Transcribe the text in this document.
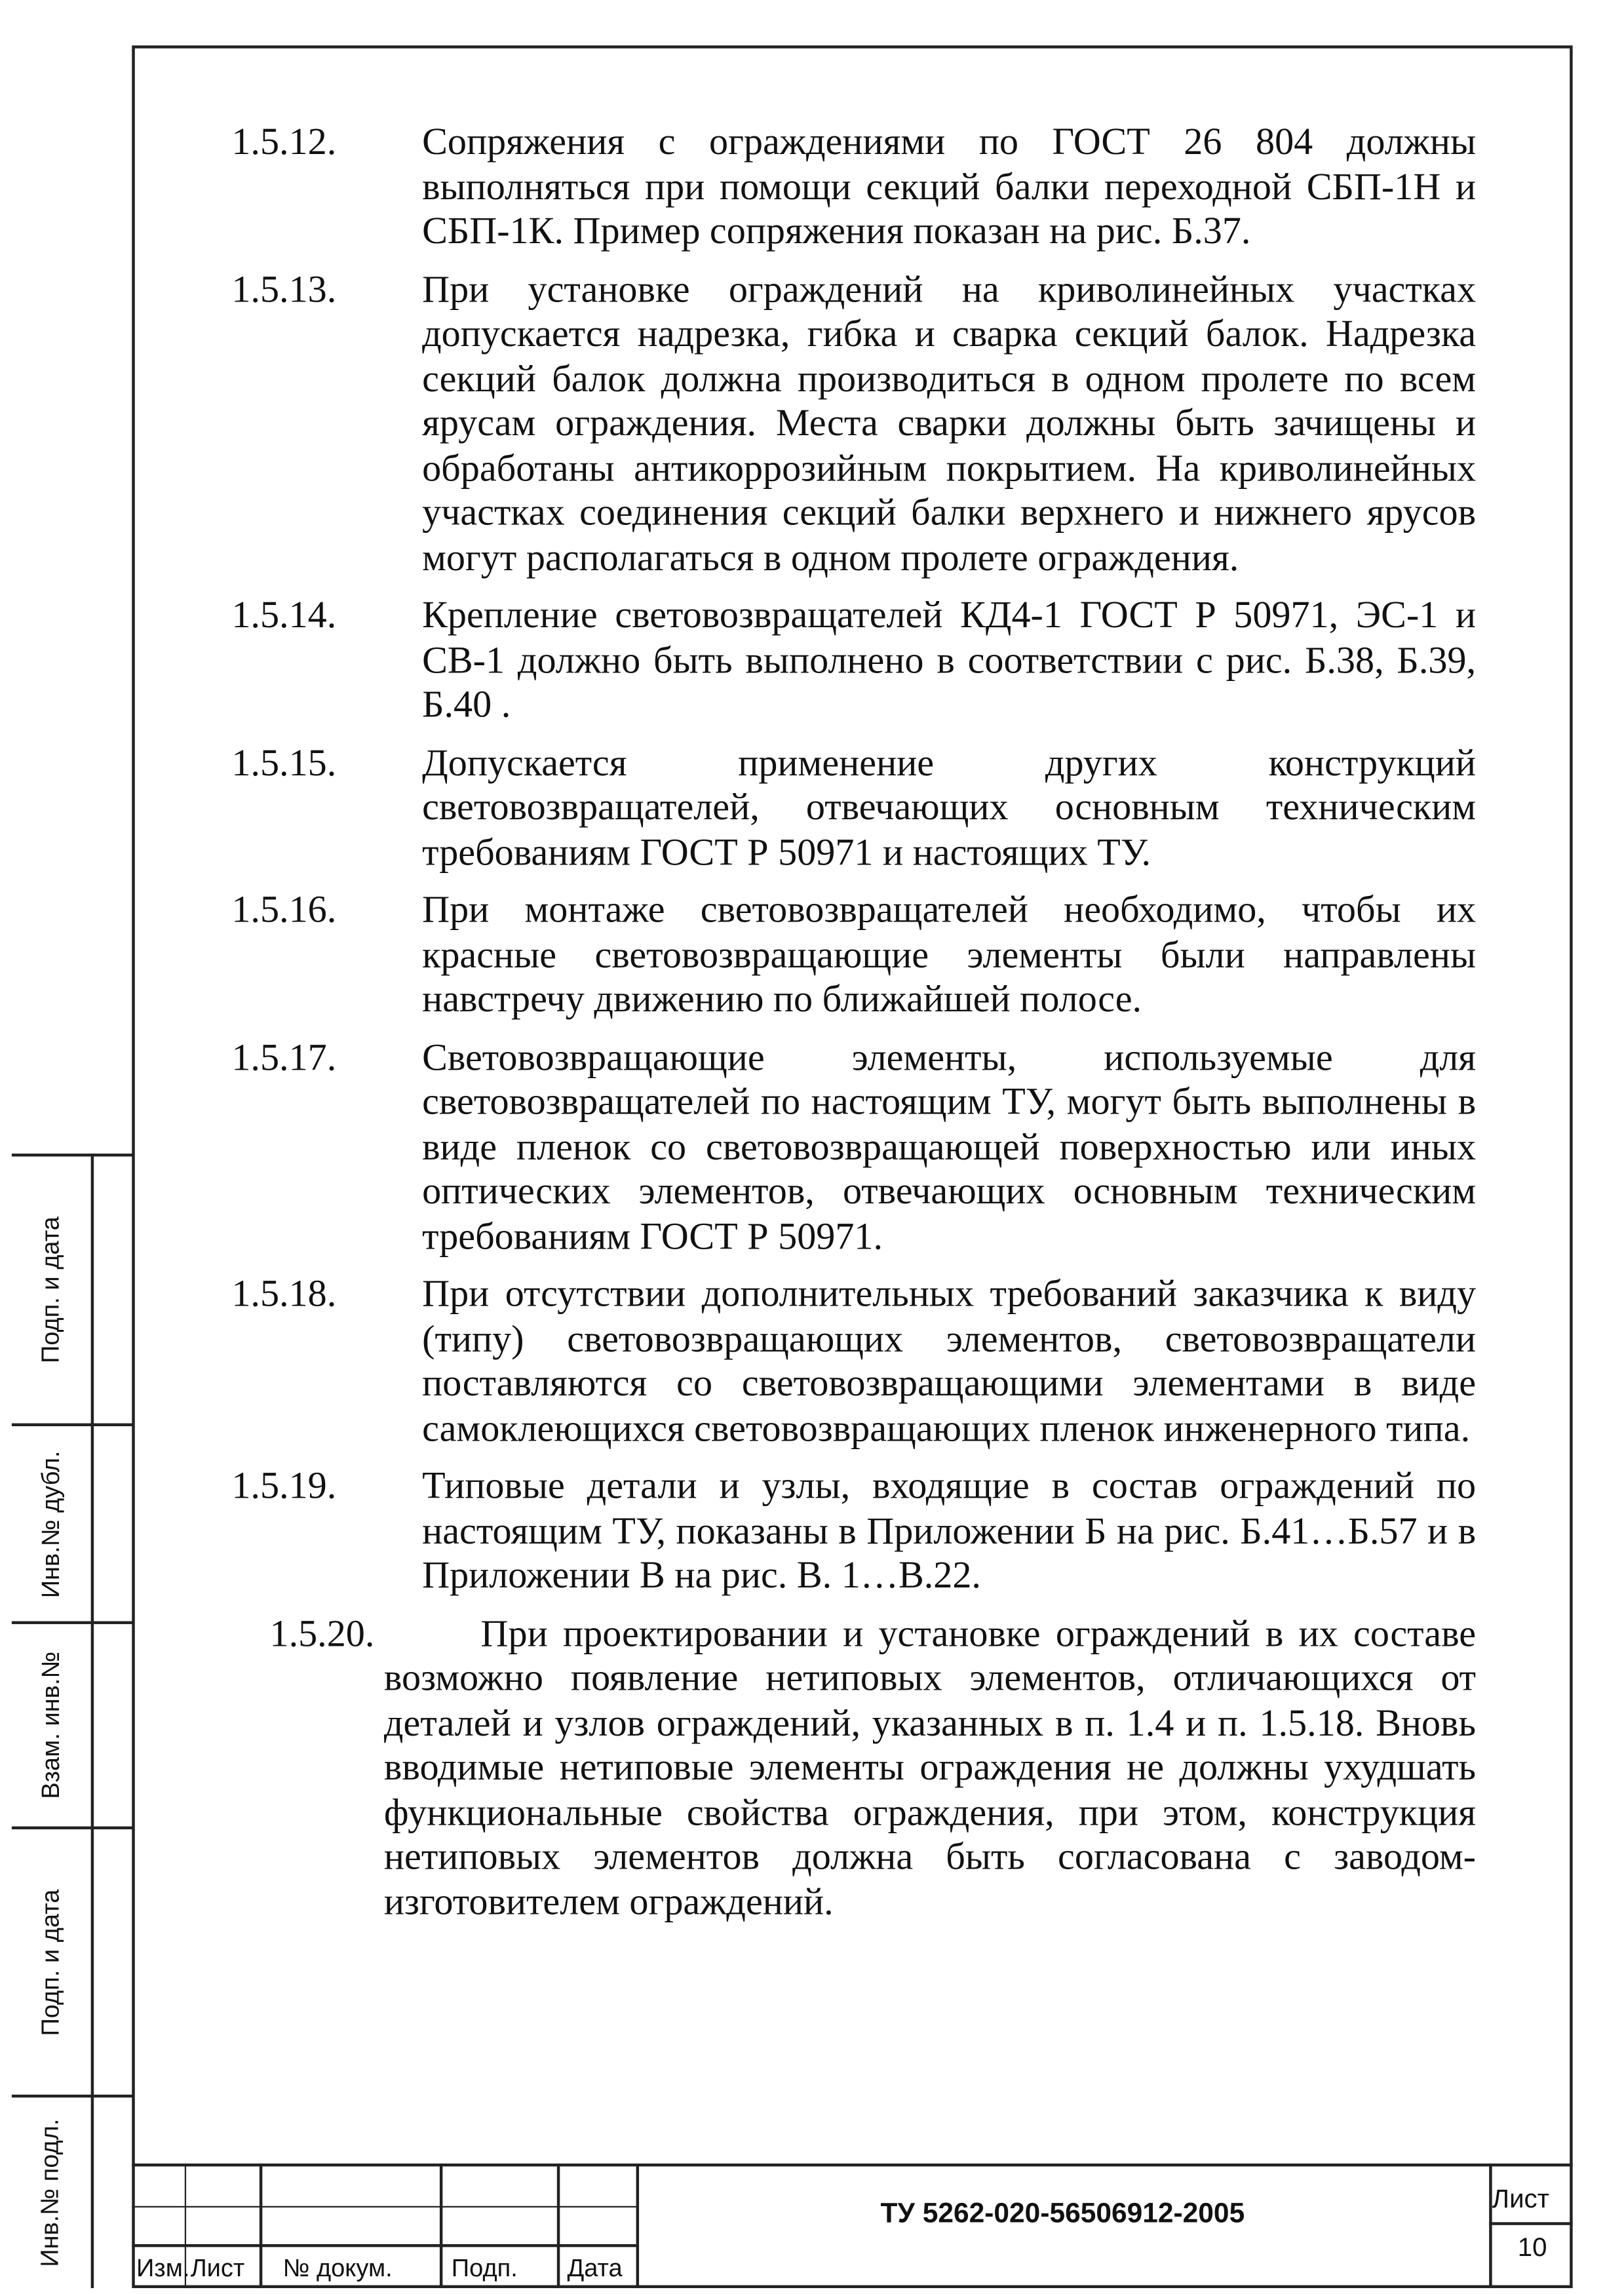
1.5.12.	Сопряжения с ограждениями по ГОСТ 26 804 должны выполняться при помощи секций балки переходной СБП-1Н и СБП-1К. Пример сопряжения показан на рис. Б.37.

1.5.13.	При установке ограждений на криволинейных участках допускается надрезка, гибка и сварка секций балок. Надрезка секций балок должна производиться в одном пролете по всем ярусам ограждения. Места сварки должны быть зачищены и обработаны антикоррозийным покрытием. На криволинейных участках соединения секций балки верхнего и нижнего ярусов могут располагаться в одном пролете ограждения.

1.5.14.	Крепление световозвращателей КД4-1 ГОСТ Р 50971, ЭС-1 и СВ-1 должно быть выполнено в соответствии с рис. Б.38, Б.39, Б.40 .

1.5.15.	Допускается применение других конструкций световозвращателей, отвечающих основным техническим требованиям ГОСТ Р 50971 и настоящих ТУ.

1.5.16.	При монтаже световозвращателей необходимо, чтобы их красные световозвращающие элементы были направлены навстречу движению по ближайшей полосе.

1.5.17.	Световозвращающие элементы, используемые для световозвращателей по настоящим ТУ, могут быть выполнены в виде пленок со световозвращающей поверхностью или иных оптических элементов, отвечающих основным техническим требованиям ГОСТ Р 50971.

1.5.18.	При отсутствии дополнительных требований заказчика к виду (типу) световозвращающих элементов, световозвращатели поставляются со световозвращающими элементами в виде самоклеющихся световозвращающих пленок инженерного типа.

1.5.19.	Типовые детали и узлы, входящие в состав ограждений по настоящим ТУ, показаны в Приложении Б на рис. Б.41…Б.57 и в Приложении В на рис. В. 1…В.22.

1.5.20.	При проектировании и установке ограждений в их составе возможно появление нетиповых элементов, отличающихся от деталей и узлов ограждений, указанных в п. 1.4 и п. 1.5.18. Вновь вводимые нетиповые элементы ограждения не должны ухудшать функциональные свойства ограждения, при этом, конструкция нетиповых элементов должна быть согласована с заводом-изготовителем ограждений.

Подп. и дата
Инв.№ дубл.
Взам. инв.№
Подп. и дата
Инв.№ подл.
Изм. Лист	№ докум.	Подп.	Дата
ТУ 5262-020-56506912-2005	Лист
10
